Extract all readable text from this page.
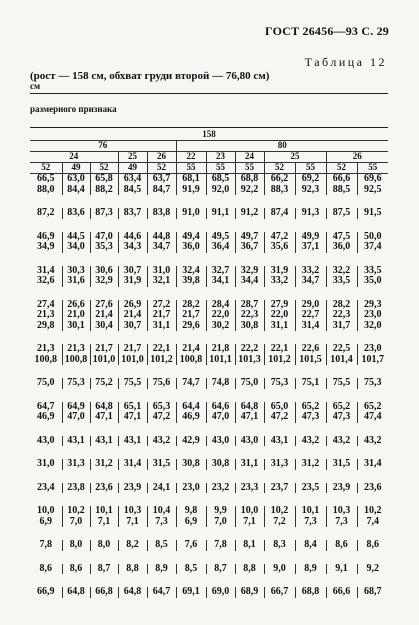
ГОСТ 26456—93 С. 29
Таблица 12
(рост — 158 см, обхват груди второй — 76,80 см)
см
размерного признака
158											
76					80						
24			25	26	22	23	24	25		26	
52	49	52	49	52	55	55	55	52	55	52	55
66,5	63,0	65,8	63,4	63,7	68,1	68,5	68,8	66,2	69,2	66,6	69,6
88,0	84,4	88,2	84,5	84,7	91,9	92,0	92,2	88,3	92,3	88,5	92,5

87,2	83,6	87,3	83,7	83,8	91,0	91,1	91,2	87,4	91,3	87,5	91,5

46,9	44,5	47,0	44,6	44,8	49,4	49,5	49,7	47,2	49,9	47,5	50,0
34,9	34,0	35,3	34,3	34,7	36,0	36,4	36,7	35,6	37,1	36,0	37,4

31,4	30,3	30,6	30,7	31,0	32,4	32,7	32,9	31,9	33,2	32,2	33,5
32,6	31,6	32,9	31,9	32,1	39,8	34,1	34,4	33,2	34,7	33,5	35,0

27,4	26,6	27,6	26,9	27,2	28,2	28,4	28,7	27,9	29,0	28,2	29,3
21,3	21,0	21,4	21,4	21,7	21,7	22,0	22,3	22,0	22,7	22,3	23,0
29,8	30,1	30,4	30,7	31,1	29,6	30,2	30,8	31,1	31,4	31,7	32,0

21,3	21,3	21,7	21,7	22,1	21,4	21,8	22,2	22,1	22,6	22,5	23,0
100,8	100,8	101,0	101,0	101,2	100,8	101,1	101,3	101,2	101,5	101,4	101,7

75,0	75,3	75,2	75,5	75,6	74,7	74,8	75,0	75,3	75,1	75,5	75,3

64,7	64,9	64,8	65,1	65,3	64,4	64,6	64,8	65,0	65,2	65,2	65,2
46,9	47,0	47,1	47,1	47,2	46,9	47,0	47,1	47,2	47,3	47,3	47,4

43,0	43,1	43,1	43,1	43,2	42,9	43,0	43,0	43,1	43,2	43,2	43,2

31,0	31,3	31,2	31,4	31,5	30,8	30,8	31,1	31,3	31,2	31,5	31,4

23,4	23,8	23,6	23,9	24,1	23,0	23,2	23,3	23,7	23,5	23,9	23,6

10,0	10,2	10,1	10,3	10,4	9,8	9,9	10,0	10,2	10,1	10,3	10,2
6,9	7,0	7,1	7,1	7,3	6,9	7,0	7,1	7,2	7,3	7,3	7,4

7,8	8,0	8,0	8,2	8,5	7,6	7,8	8,1	8,3	8,4	8,6	8,6

8,6	8,6	8,7	8,8	8,9	8,5	8,7	8,8	9,0	8,9	9,1	9,2

66,9	64,8	66,8	64,8	64,7	69,1	69,0	68,9	66,7	68,8	66,6	68,7
